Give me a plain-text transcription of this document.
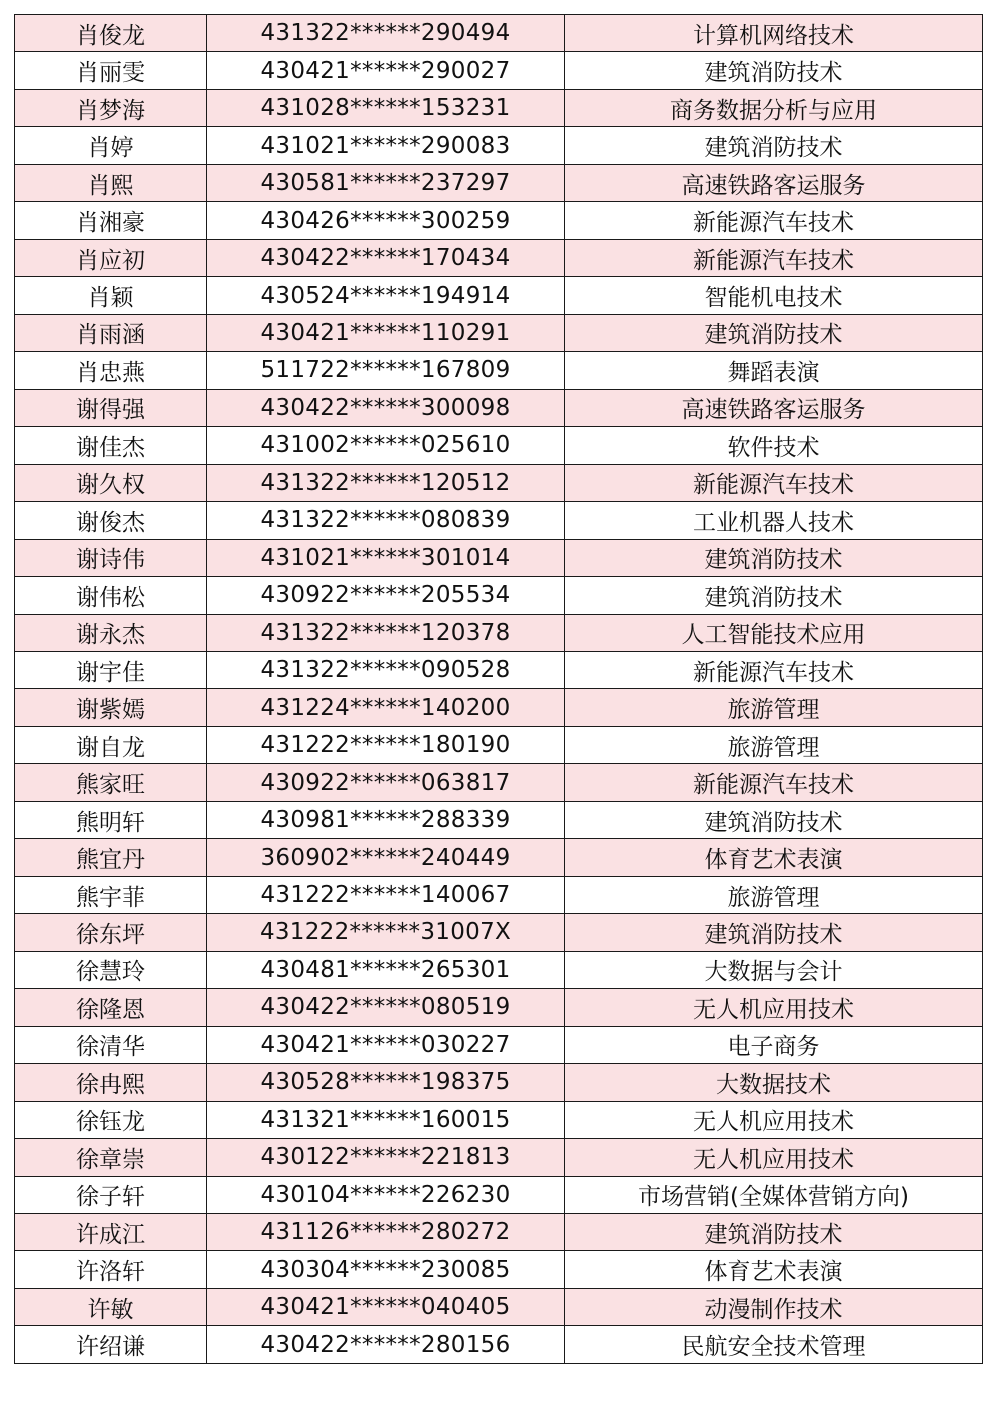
肖俊龙	431322******290494	计算机网络技术
肖丽雯	430421******290027	建筑消防技术
肖梦海	431028******153231	商务数据分析与应用
肖婷	431021******290083	建筑消防技术
肖熙	430581******237297	高速铁路客运服务
肖湘豪	430426******300259	新能源汽车技术
肖应初	430422******170434	新能源汽车技术
肖颖	430524******194914	智能机电技术
肖雨涵	430421******110291	建筑消防技术
肖忠燕	511722******167809	舞蹈表演
谢得强	430422******300098	高速铁路客运服务
谢佳杰	431002******025610	软件技术
谢久权	431322******120512	新能源汽车技术
谢俊杰	431322******080839	工业机器人技术
谢诗伟	431021******301014	建筑消防技术
谢伟松	430922******205534	建筑消防技术
谢永杰	431322******120378	人工智能技术应用
谢宇佳	431322******090528	新能源汽车技术
谢紫嫣	431224******140200	旅游管理
谢自龙	431222******180190	旅游管理
熊家旺	430922******063817	新能源汽车技术
熊明轩	430981******288339	建筑消防技术
熊宜丹	360902******240449	体育艺术表演
熊宇菲	431222******140067	旅游管理
徐东坪	431222******31007X	建筑消防技术
徐慧玲	430481******265301	大数据与会计
徐隆恩	430422******080519	无人机应用技术
徐清华	430421******030227	电子商务
徐冉熙	430528******198375	大数据技术
徐钰龙	431321******160015	无人机应用技术
徐章崇	430122******221813	无人机应用技术
徐子轩	430104******226230	市场营销(全媒体营销方向)
许成江	431126******280272	建筑消防技术
许洛轩	430304******230085	体育艺术表演
许敏	430421******040405	动漫制作技术
许绍谦	430422******280156	民航安全技术管理
